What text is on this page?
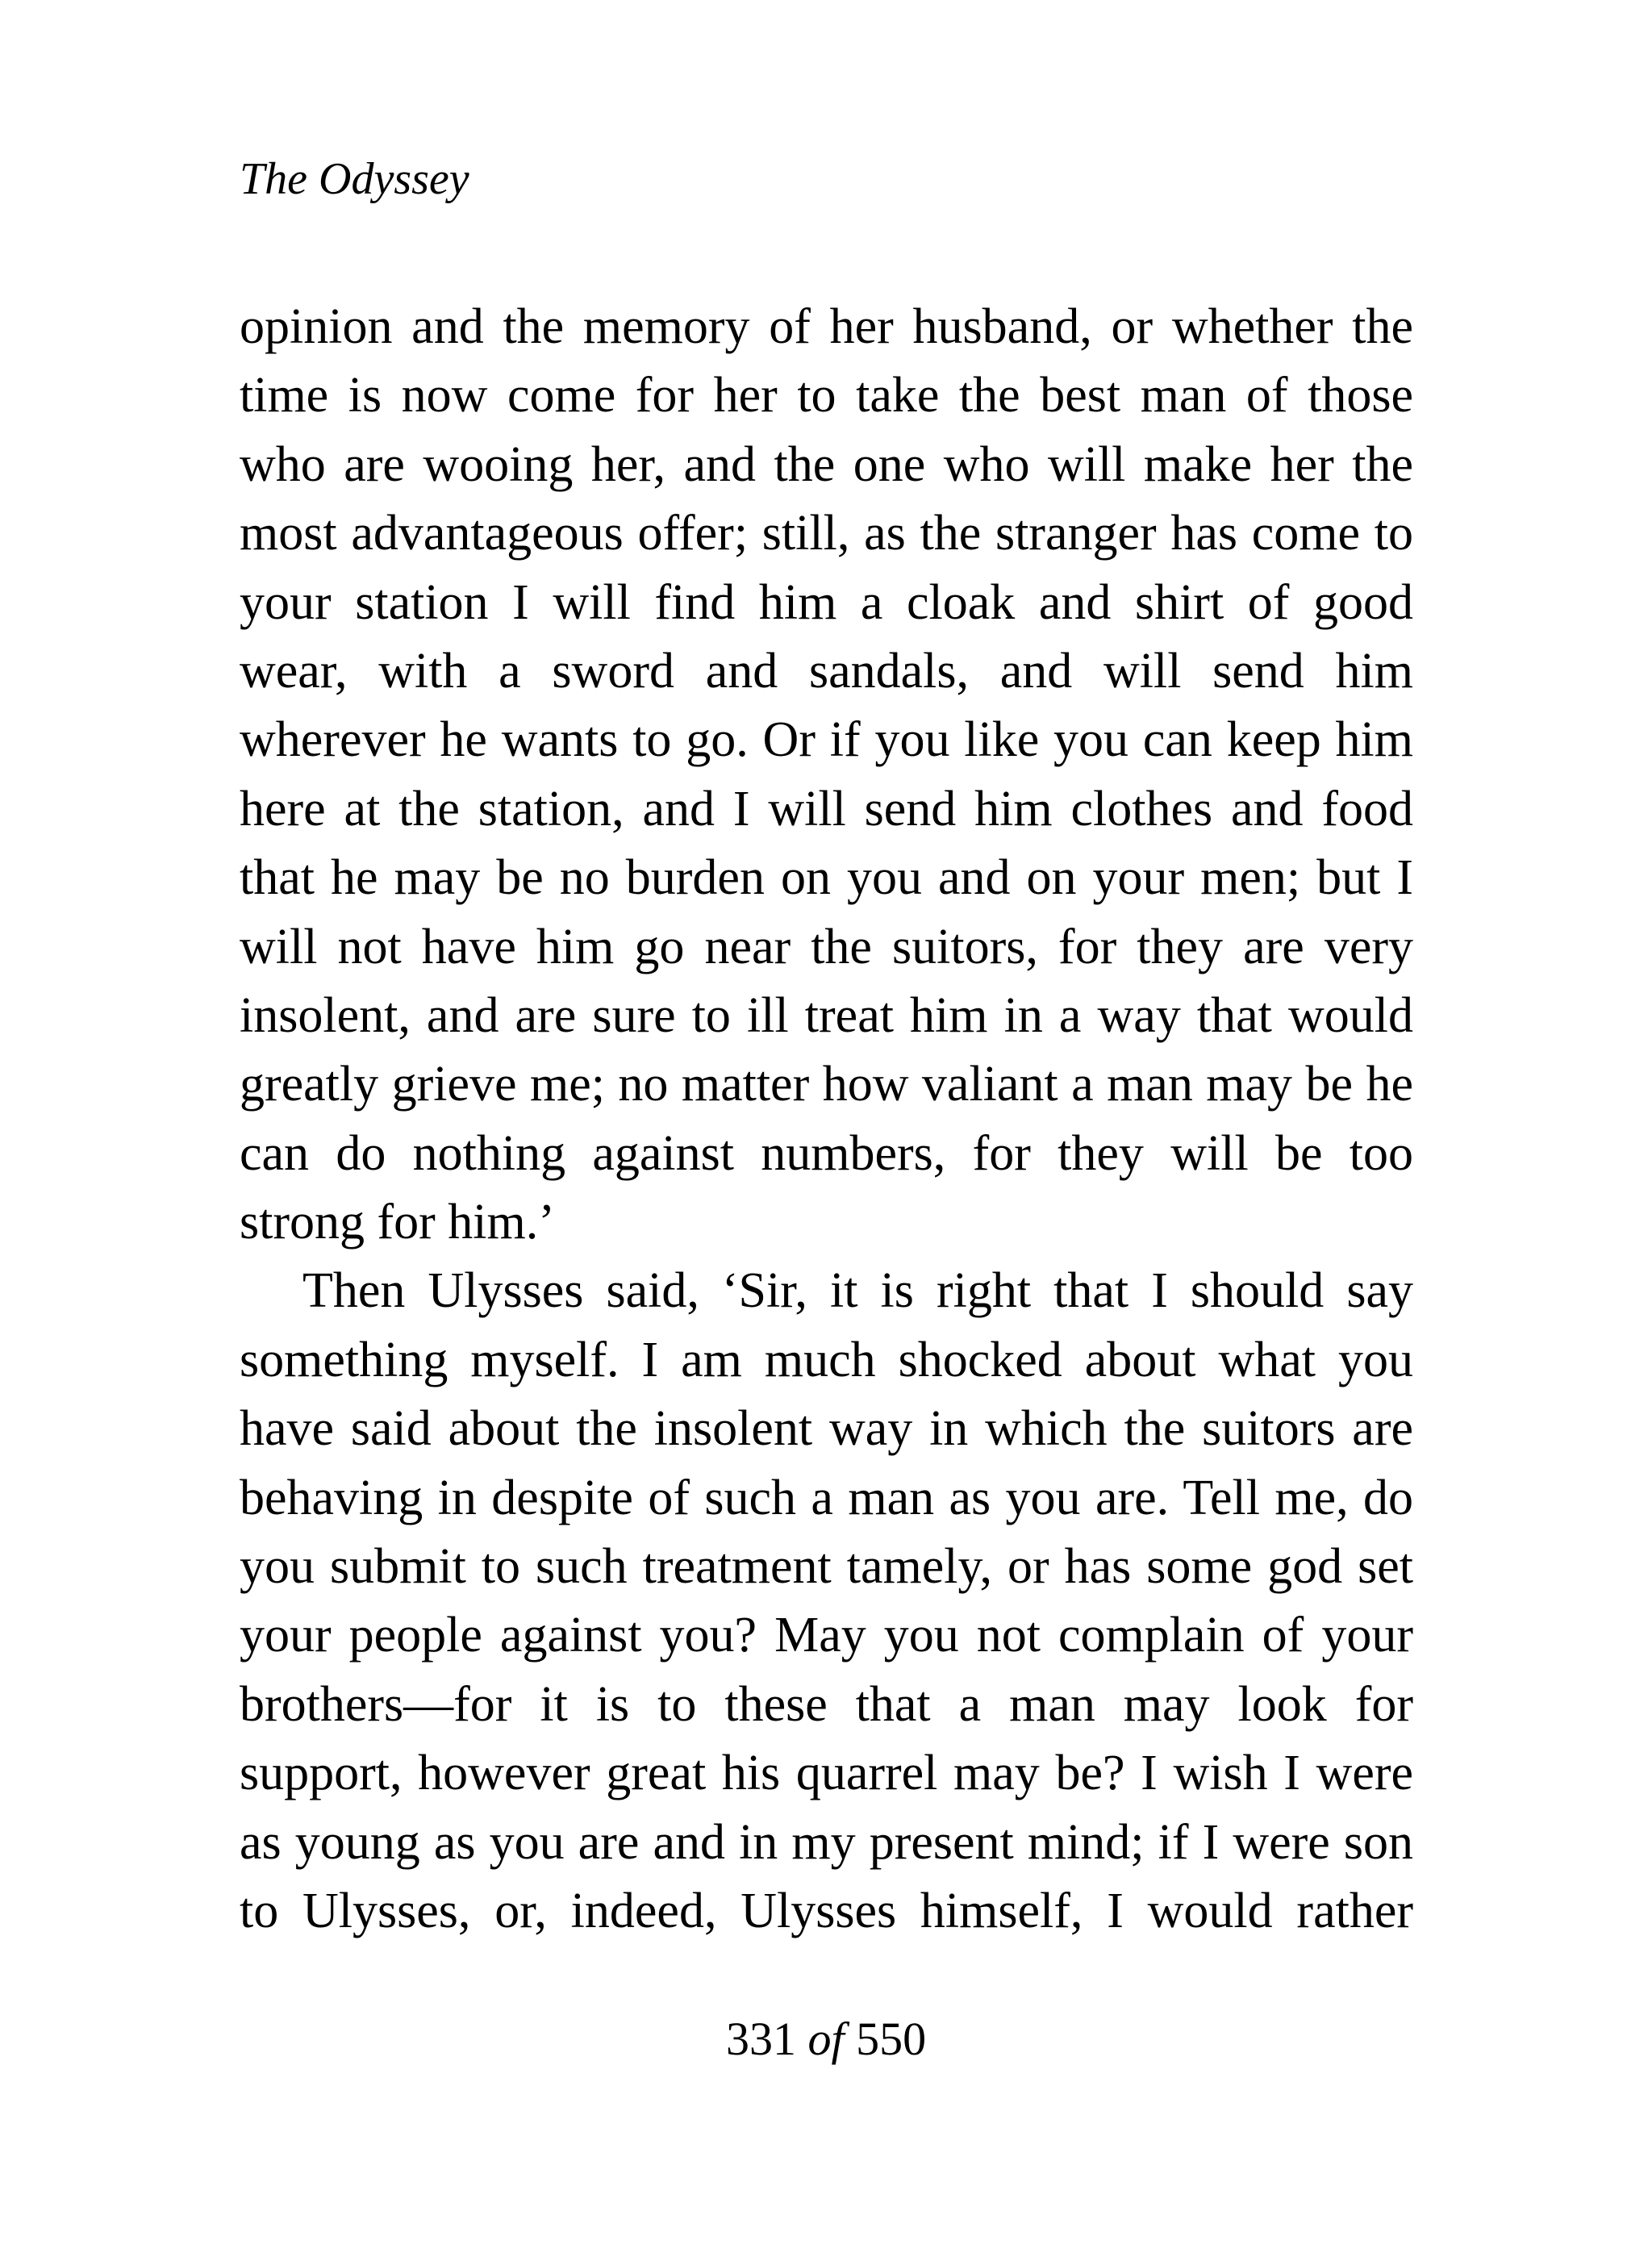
The Odyssey
opinion and the memory of her husband, or whether the
time is now come for her to take the best man of those
who are wooing her, and the one who will make her the
most advantageous offer; still, as the stranger has come to
your station I will find him a cloak and shirt of good
wear, with a sword and sandals, and will send him
wherever he wants to go. Or if you like you can keep him
here at the station, and I will send him clothes and food
that he may be no burden on you and on your men; but I
will not have him go near the suitors, for they are very
insolent, and are sure to ill treat him in a way that would
greatly grieve me; no matter how valiant a man may be he
can do nothing against numbers, for they will be too
strong for him.’
Then Ulysses said, ‘Sir, it is right that I should say
something myself. I am much shocked about what you
have said about the insolent way in which the suitors are
behaving in despite of such a man as you are. Tell me, do
you submit to such treatment tamely, or has some god set
your people against you? May you not complain of your
brothers—for it is to these that a man may look for
support, however great his quarrel may be? I wish I were
as young as you are and in my present mind; if I were son
to Ulysses, or, indeed, Ulysses himself, I would rather
331 of 550
